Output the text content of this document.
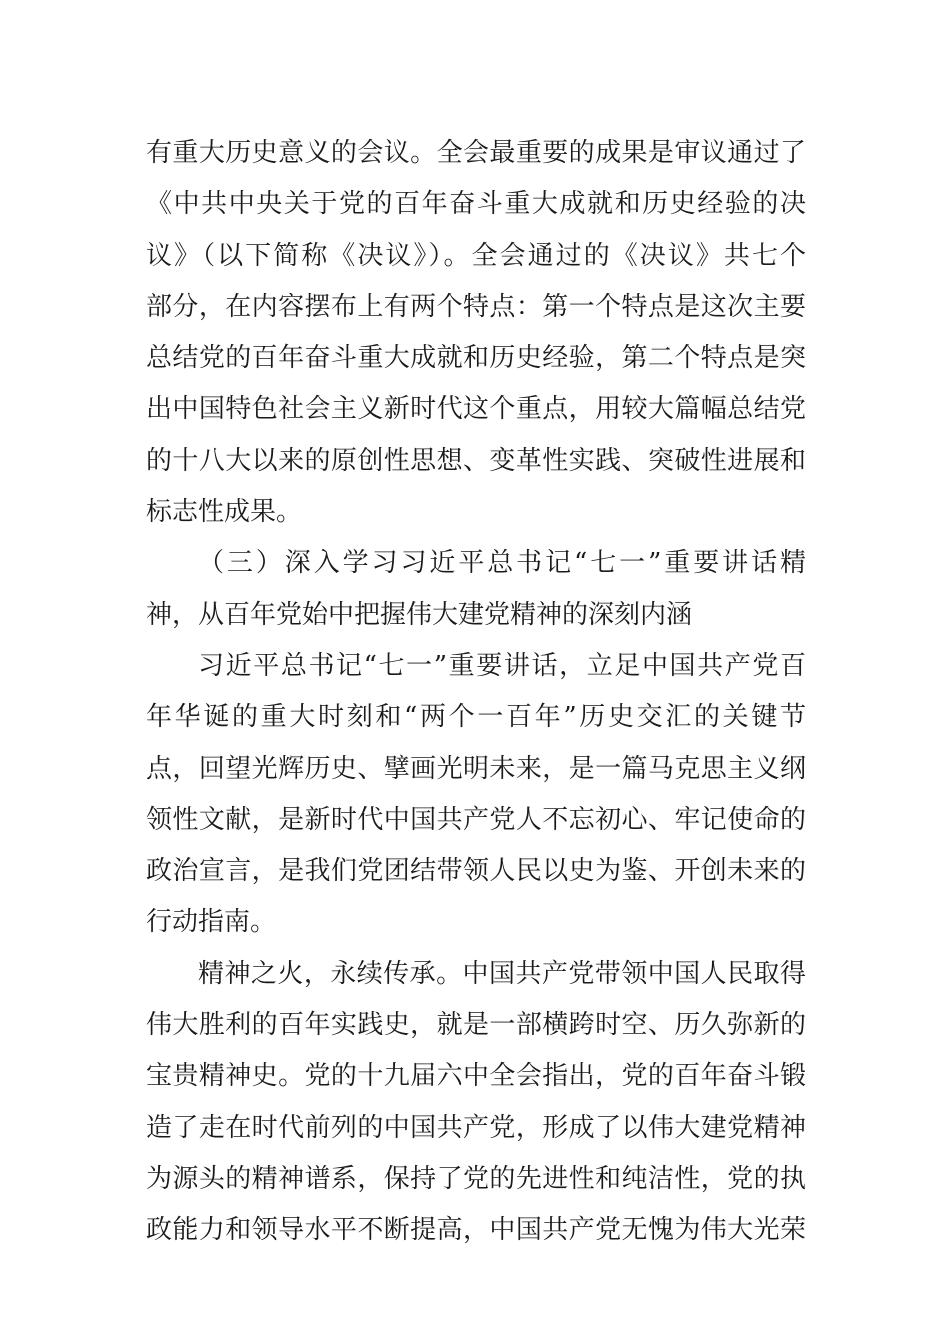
有重大历史意义的会议。全会最重要的成果是审议通过了
《中共中央关于党的百年奋斗重大成就和历史经验的决
议》（以下简称《决议》）。全会通过的《决议》共七个
部分，在内容摆布上有两个特点：第一个特点是这次主要
总结党的百年奋斗重大成就和历史经验，第二个特点是突
出中国特色社会主义新时代这个重点，用较大篇幅总结党
的十八大以来的原创性思想、变革性实践、突破性进展和
标志性成果。
（三）深入学习习近平总书记“七一”重要讲话精
神，从百年党始中把握伟大建党精神的深刻内涵
习近平总书记“七一”重要讲话，立足中国共产党百
年华诞的重大时刻和“两个一百年”历史交汇的关键节
点，回望光辉历史、擘画光明未来，是一篇马克思主义纲
领性文献，是新时代中国共产党人不忘初心、牢记使命的
政治宣言，是我们党团结带领人民以史为鉴、开创未来的
行动指南。
精神之火，永续传承。中国共产党带领中国人民取得
伟大胜利的百年实践史，就是一部横跨时空、历久弥新的
宝贵精神史。党的十九届六中全会指出，党的百年奋斗锻
造了走在时代前列的中国共产党，形成了以伟大建党精神
为源头的精神谱系，保持了党的先进性和纯洁性，党的执
政能力和领导水平不断提高，中国共产党无愧为伟大光荣
